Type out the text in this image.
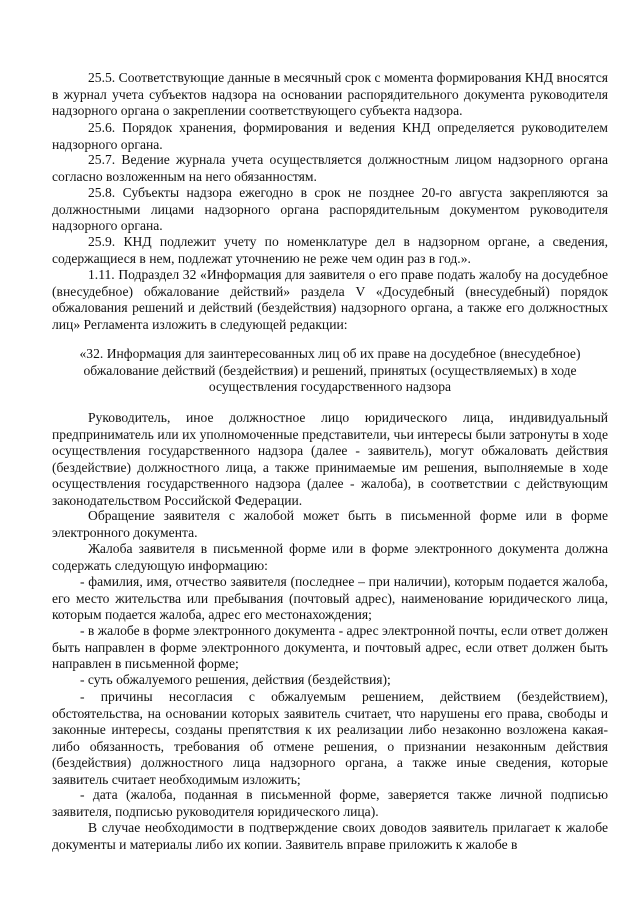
25.5. Соответствующие данные в месячный срок с момента формирования КНД вносятся в журнал учета субъектов надзора на основании распорядительного документа руководителя надзорного органа о закреплении соответствующего субъекта надзора.

25.6. Порядок хранения, формирования и ведения КНД определяется руководителем надзорного органа.

25.7. Ведение журнала учета осуществляется должностным лицом надзорного органа согласно возложенным на него обязанностям.

25.8. Субъекты надзора ежегодно в срок не позднее 20-го августа закрепляются за должностными лицами надзорного органа распорядительным документом руководителя надзорного органа.

25.9. КНД подлежит учету по номенклатуре дел в надзорном органе, а сведения, содержащиеся в нем, подлежат уточнению не реже чем один раз в год.».

1.11. Подраздел 32 «Информация для заявителя о его праве подать жалобу на досудебное (внесудебное) обжалование действий» раздела V «Досудебный (внесудебный) порядок обжалования решений и действий (бездействия) надзорного органа, а также его должностных лиц» Регламента изложить в следующей редакции:

«32. Информация для заинтересованных лиц об их праве на досудебное (внесудебное) обжалование действий (бездействия) и решений, принятых (осуществляемых) в ходе осуществления государственного надзора

Руководитель, иное должностное лицо юридического лица, индивидуальный предприниматель или их уполномоченные представители, чьи интересы были затронуты в ходе осуществления государственного надзора (далее - заявитель), могут обжаловать действия (бездействие) должностного лица, а также принимаемые им решения, выполняемые в ходе осуществления государственного надзора (далее - жалоба), в соответствии с действующим законодательством Российской Федерации.

Обращение заявителя с жалобой может быть в письменной форме или в форме электронного документа.

Жалоба заявителя в письменной форме или в форме электронного документа должна содержать следующую информацию:

- фамилия, имя, отчество заявителя (последнее – при наличии), которым подается жалоба, его место жительства или пребывания (почтовый адрес), наименование юридического лица, которым подается жалоба, адрес его местонахождения;

- в жалобе в форме электронного документа - адрес электронной почты, если ответ должен быть направлен в форме электронного документа, и почтовый адрес, если ответ должен быть направлен в письменной форме;

- суть обжалуемого решения, действия (бездействия);

- причины несогласия с обжалуемым решением, действием (бездействием), обстоятельства, на основании которых заявитель считает, что нарушены его права, свободы и законные интересы, созданы препятствия к их реализации либо незаконно возложена какая-либо обязанность, требования об отмене решения, о признании незаконным действия (бездействия) должностного лица надзорного органа, а также иные сведения, которые заявитель считает необходимым изложить;

- дата (жалоба, поданная в письменной форме, заверяется также личной подписью заявителя, подписью руководителя юридического лица).

В случае необходимости в подтверждение своих доводов заявитель прилагает к жалобе документы и материалы либо их копии. Заявитель вправе приложить к жалобе в
